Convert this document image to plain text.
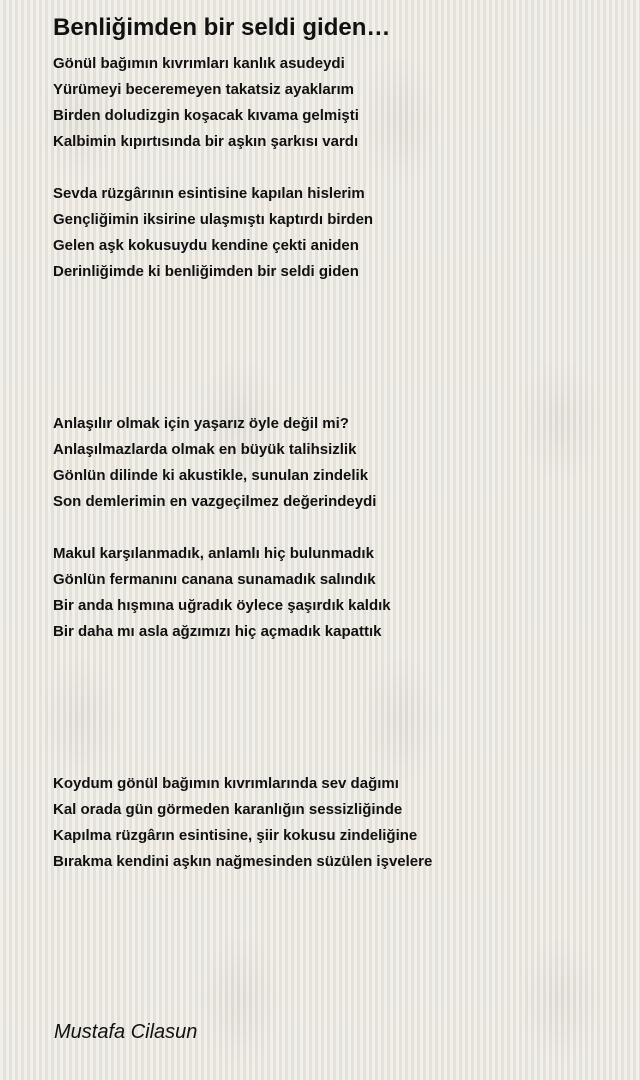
Benliğimden bir seldi giden…
Gönül bağımın kıvrımları kanlık asudeydi
Yürümeyi beceremeyen takatsiz ayaklarım
Birden doludizgin koşacak kıvama gelmişti
Kalbimin kıpırtısında bir aşkın şarkısı vardı
Sevda rüzgârının esintisine kapılan hislerim
Gençliğimin iksirine ulaşmıştı kaptırdı birden
Gelen aşk kokusuydu kendine çekti aniden
Derinliğimde ki benliğimden bir seldi giden
Anlaşılır olmak için yaşarız öyle değil mi?
Anlaşılmazlarda olmak en büyük talihsizlik
Gönlün dilinde ki akustikle, sunulan zindelik
Son demlerimin en vazgeçilmez değerindeydi
Makul karşılanmadık, anlamlı hiç bulunmadık
Gönlün fermanını canana sunamadık salındık
Bir anda hışmına uğradık öylece şaşırdık kaldık
Bir daha mı asla ağzımızı hiç açmadık kapattık
Koydum gönül bağımın kıvrımlarında sev dağımı
Kal orada gün görmeden karanlığın sessizliğinde
Kapılma rüzgârın esintisine, şiir kokusu zindeliğine
Bırakma kendini aşkın nağmesinden süzülen işvelere

Mustafa Cilasun
